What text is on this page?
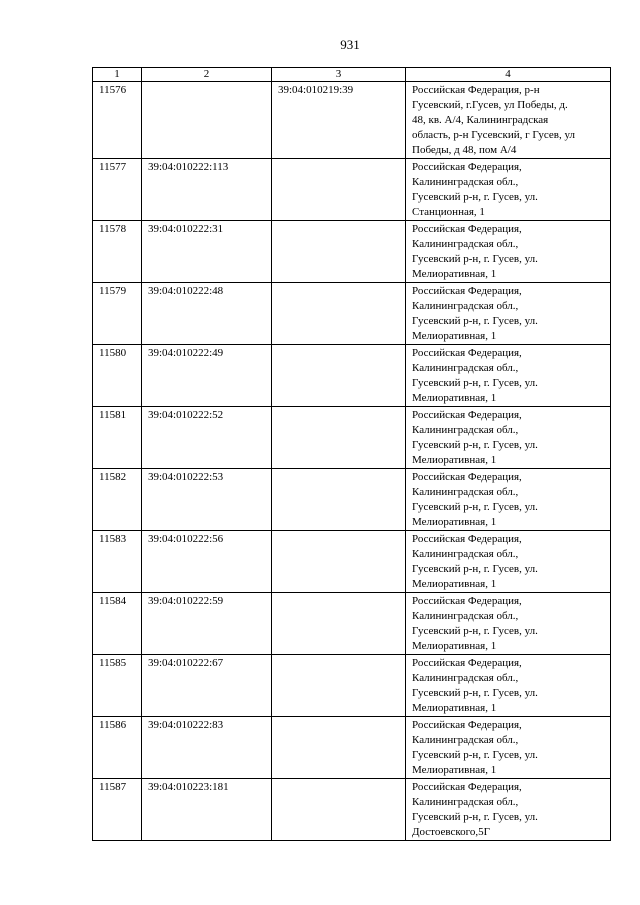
931
1	2	3	4
11576		39:04:010219:39	Российская Федерация, р-н
Гусевский, г.Гусев, ул Победы, д.
48, кв. А/4, Калининградская
область, р-н Гусевский, г Гусев, ул
Победы, д 48, пом А/4
11577	39:04:010222:113		Российская Федерация,
Калининградская обл.,
Гусевский р-н, г. Гусев, ул.
Станционная, 1
11578	39:04:010222:31		Российская Федерация,
Калининградская обл.,
Гусевский р-н, г. Гусев, ул.
Мелиоративная, 1
11579	39:04:010222:48		Российская Федерация,
Калининградская обл.,
Гусевский р-н, г. Гусев, ул.
Мелиоративная, 1
11580	39:04:010222:49		Российская Федерация,
Калининградская обл.,
Гусевский р-н, г. Гусев, ул.
Мелиоративная, 1
11581	39:04:010222:52		Российская Федерация,
Калининградская обл.,
Гусевский р-н, г. Гусев, ул.
Мелиоративная, 1
11582	39:04:010222:53		Российская Федерация,
Калининградская обл.,
Гусевский р-н, г. Гусев, ул.
Мелиоративная, 1
11583	39:04:010222:56		Российская Федерация,
Калининградская обл.,
Гусевский р-н, г. Гусев, ул.
Мелиоративная, 1
11584	39:04:010222:59		Российская Федерация,
Калининградская обл.,
Гусевский р-н, г. Гусев, ул.
Мелиоративная, 1
11585	39:04:010222:67		Российская Федерация,
Калининградская обл.,
Гусевский р-н, г. Гусев, ул.
Мелиоративная, 1
11586	39:04:010222:83		Российская Федерация,
Калининградская обл.,
Гусевский р-н, г. Гусев, ул.
Мелиоративная, 1
11587	39:04:010223:181		Российская Федерация,
Калининградская обл.,
Гусевский р-н, г. Гусев, ул.
Достоевского,5Г
